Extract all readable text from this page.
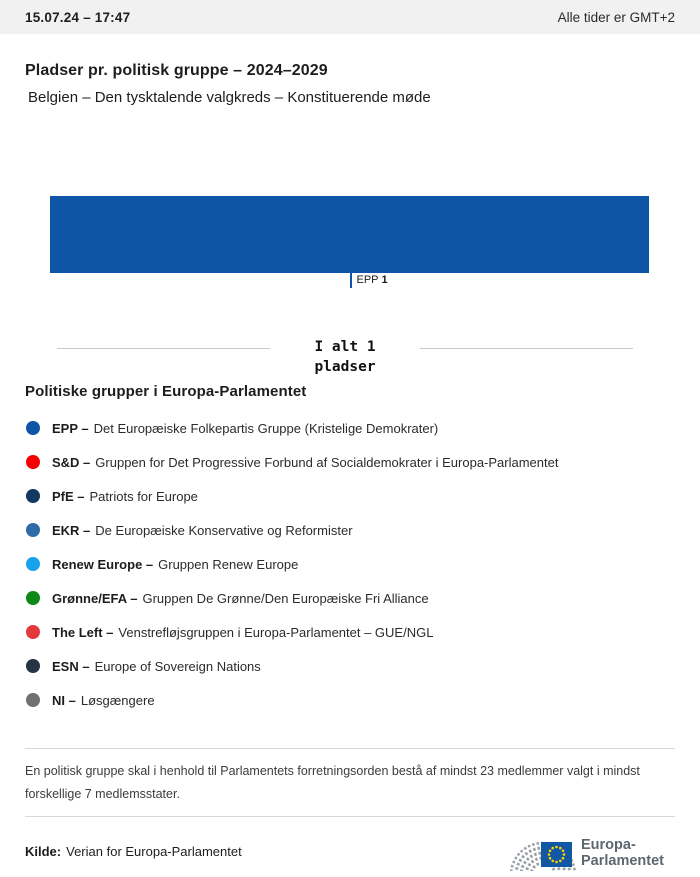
15.07.24 – 17:47	Alle tider er GMT+2
Pladser pr. politisk gruppe – 2024–2029
Belgien – Den tysktalende valgkreds – Konstituerende møde
EPP 1
I alt 1
pladser
Politiske grupper i Europa-Parlamentet
EPP – Det Europæiske Folkepartis Gruppe (Kristelige Demokrater)
S&D – Gruppen for Det Progressive Forbund af Socialdemokrater i Europa-Parlamentet
PfE – Patriots for Europe
EKR – De Europæiske Konservative og Reformister
Renew Europe – Gruppen Renew Europe
Grønne/EFA – Gruppen De Grønne/Den Europæiske Fri Alliance
The Left – Venstrefløjsgruppen i Europa-Parlamentet – GUE/NGL
ESN – Europe of Sovereign Nations
NI – Løsgængere

En politisk gruppe skal i henhold til Parlamentets forretningsorden bestå af mindst 23 medlemmer valgt i mindst forskellige 7 medlemsstater.

Kilde: Verian for Europa-Parlamentet	Europa- Parlamentet
